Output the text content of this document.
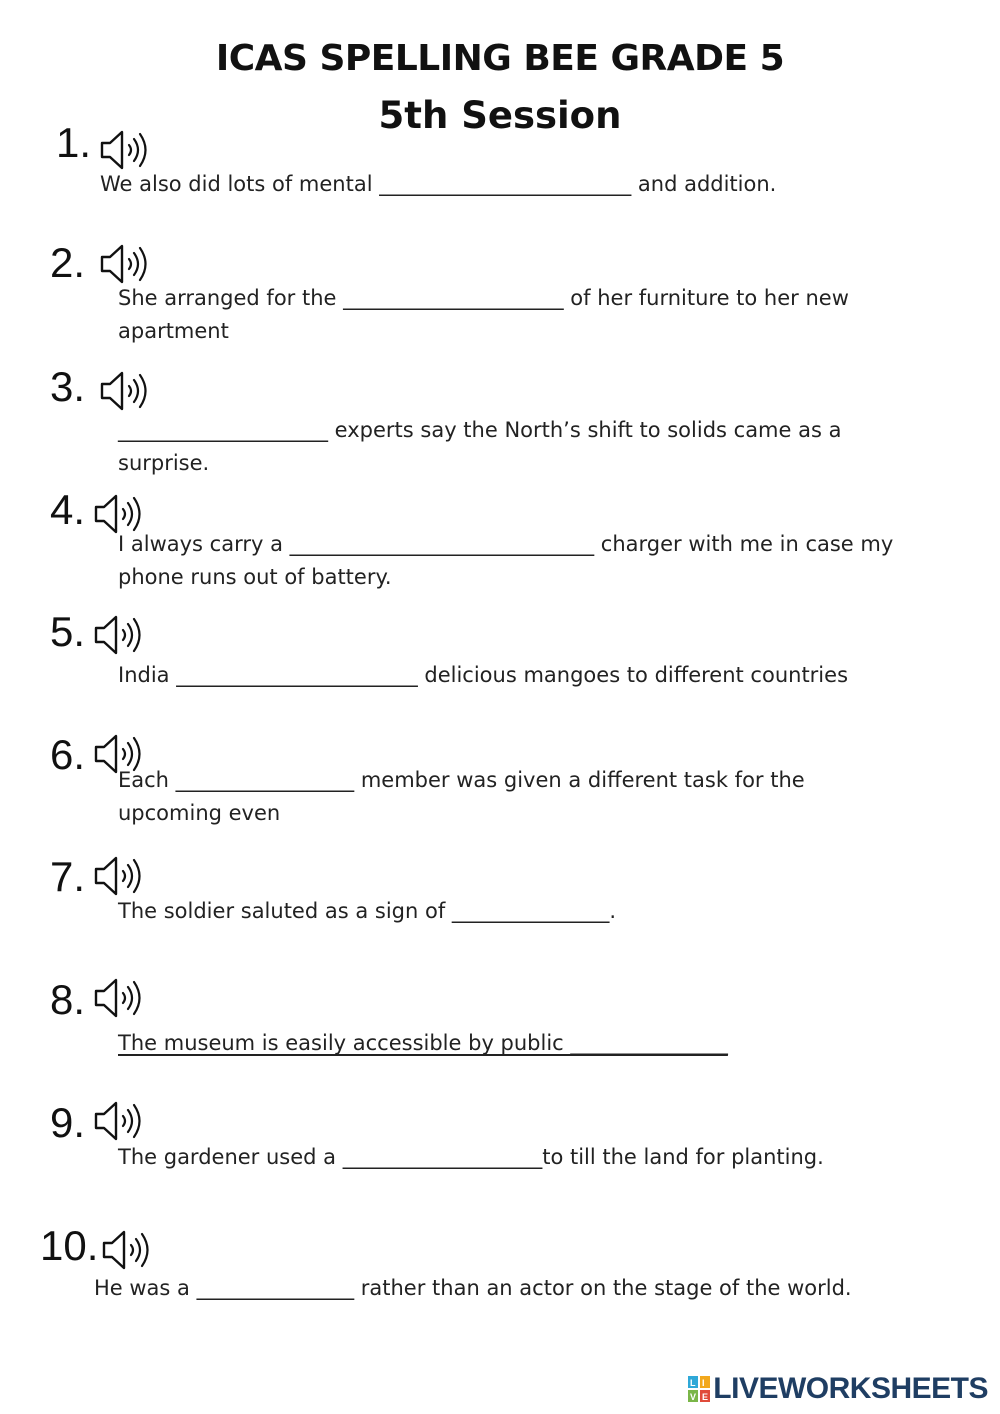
ICAS SPELLING BEE GRADE 5
5th Session
1.
We also did lots of mental ________________________ and addition.
2.
She arranged for the _____________________ of her furniture to her new
apartment
3.
____________________ experts say the North’s shift to solids came as a
surprise.
4.
I always carry a _____________________________ charger with me in case my
phone runs out of battery.
5.
India _______________________ delicious mangoes to different countries
6.
Each _________________ member was given a different task for the
upcoming even
7.
The soldier saluted as a sign of _______________.
8.
The museum is easily accessible by public _______________
9.
The gardener used a ___________________to till the land for planting.
10.
He was a _______________ rather than an actor on the stage of the world.
L I
V E LIVEWORKSHEETS
